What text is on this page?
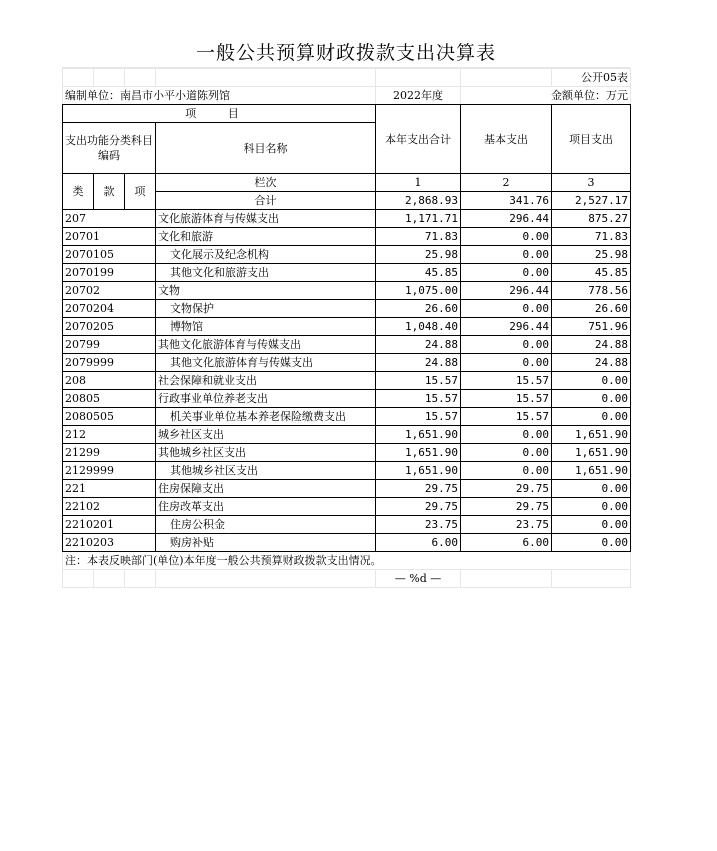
一般公共预算财政拨款支出决算表
						公开05表
编制单位：南昌市小平小道陈列馆				2022年度	金额单位：万元	
项 目				本年支出合计	基本支出	项目支出
支出功能分类科目编码			科目名称			

类	款	项	栏次	1	2	3
			合计	2,868.93	341.76	2,527.17
207			文化旅游体育与传媒支出	1,171.71	296.44	875.27
20701			文化和旅游	71.83	0.00	71.83
2070105			文化展示及纪念机构	25.98	0.00	25.98
2070199			其他文化和旅游支出	45.85	0.00	45.85
20702			文物	1,075.00	296.44	778.56
2070204			文物保护	26.60	0.00	26.60
2070205			博物馆	1,048.40	296.44	751.96
20799			其他文化旅游体育与传媒支出	24.88	0.00	24.88
2079999			其他文化旅游体育与传媒支出	24.88	0.00	24.88
208			社会保障和就业支出	15.57	15.57	0.00
20805			行政事业单位养老支出	15.57	15.57	0.00
2080505			机关事业单位基本养老保险缴费支出	15.57	15.57	0.00
212			城乡社区支出	1,651.90	0.00	1,651.90
21299			其他城乡社区支出	1,651.90	0.00	1,651.90
2129999			其他城乡社区支出	1,651.90	0.00	1,651.90
221			住房保障支出	29.75	29.75	0.00
22102			住房改革支出	29.75	29.75	0.00
2210201			住房公积金	23.75	23.75	0.00
2210203			购房补贴	6.00	6.00	0.00
注：本表反映部门(单位)本年度一般公共预算财政拨款支出情况。						
				— %d —		
